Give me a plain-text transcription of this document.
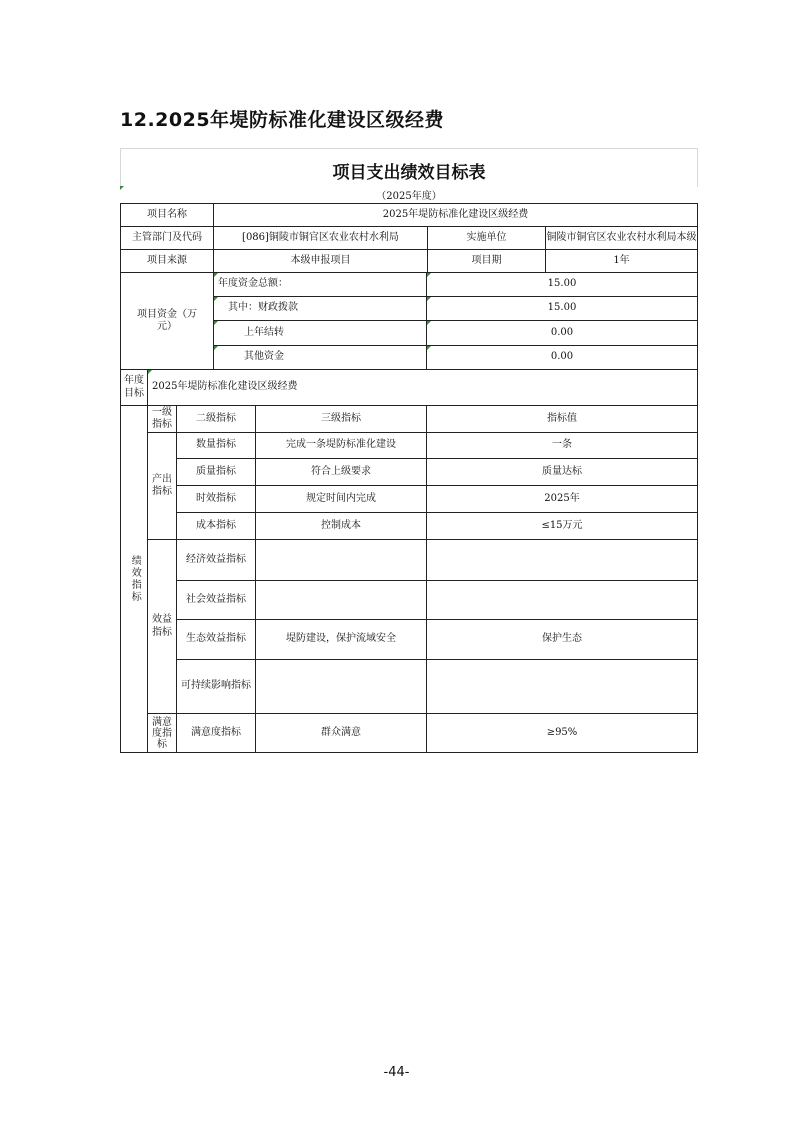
12.2025年堤防标准化建设区级经费
项目支出绩效目标表
（2025年度）
项目名称	2025年堤防标准化建设区级经费
主管部门及代码	[086]铜陵市铜官区农业农村水利局	实施单位	铜陵市铜官区农业农村水利局本级
项目来源	本级申报项目	项目期	1年
项目资金（万元）
年度资金总额：	15.00
其中：财政拨款	15.00
上年结转	0.00
其他资金	0.00
年度目标
2025年堤防标准化建设区级经费
绩效指标
一级指标
二级指标	三级指标	指标值
产出指标
数量指标	完成一条堤防标准化建设	一条
质量指标	符合上级要求	质量达标
时效指标	规定时间内完成	2025年
成本指标	控制成本	≤15万元
效益指标
经济效益指标
社会效益指标
生态效益指标	堤防建设，保护流域安全	保护生态
可持续影响指标
满意度指标
满意度指标	群众满意	≥95%
-44-
